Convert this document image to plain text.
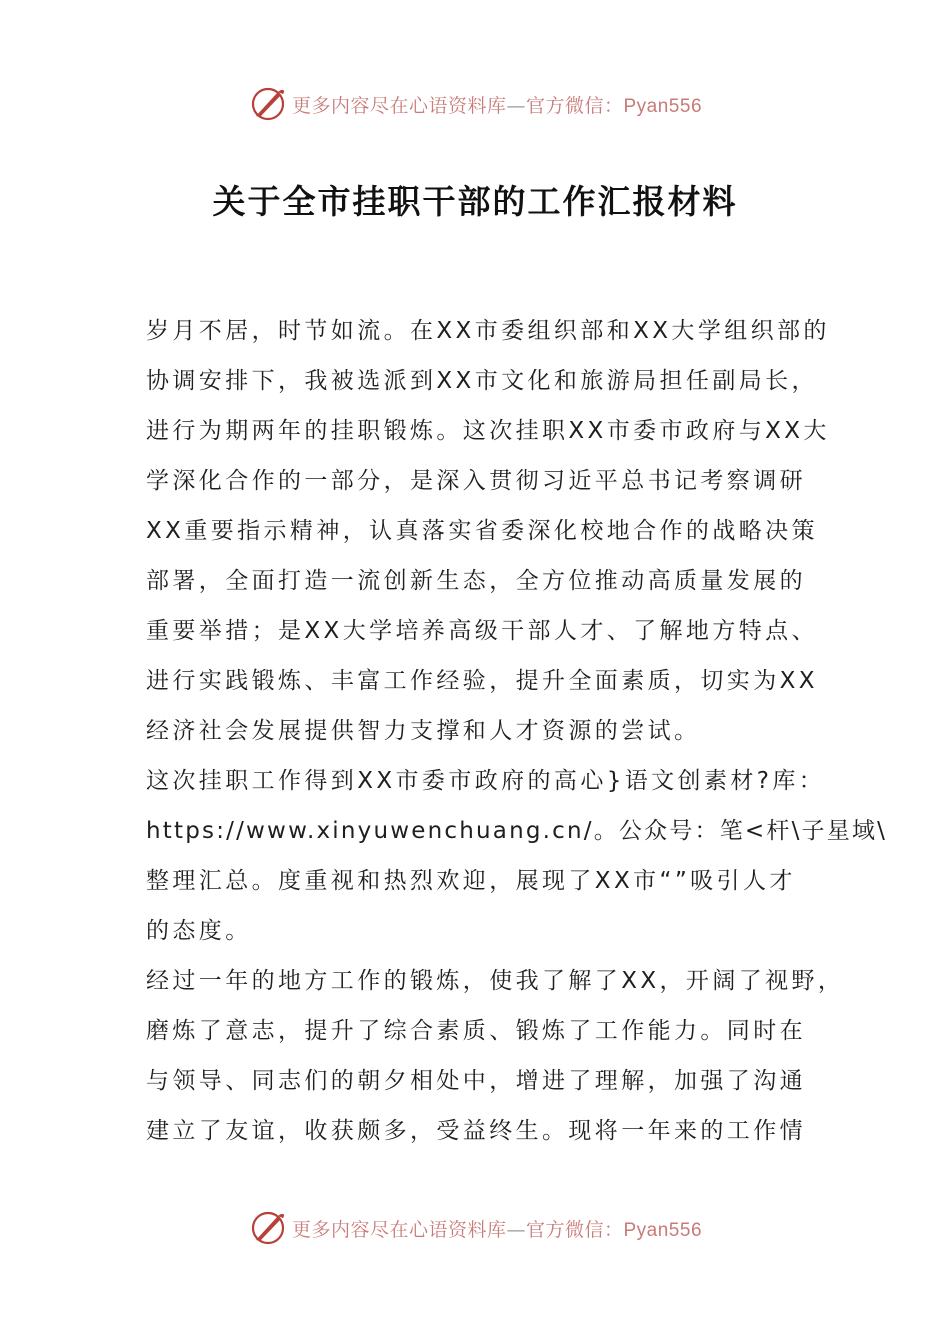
更多内容尽在心语资料库—官方微信：Pyan556
关于全市挂职干部的工作汇报材料
岁月不居，时节如流。在XX市委组织部和XX大学组织部的
协调安排下，我被选派到XX市文化和旅游局担任副局长，
进行为期两年的挂职锻炼。这次挂职XX市委市政府与XX大
学深化合作的一部分，是深入贯彻习近平总书记考察调研
XX重要指示精神，认真落实省委深化校地合作的战略决策
部署，全面打造一流创新生态，全方位推动高质量发展的
重要举措；是XX大学培养高级干部人才、了解地方特点、
进行实践锻炼、丰富工作经验，提升全面素质，切实为XX
经济社会发展提供智力支撑和人才资源的尝试。
这次挂职工作得到XX市委市政府的高心}语文创素材?库：
https://www.xinyuwenchuang.cn/。公众号：笔<杆\子星域\
整理汇总。度重视和热烈欢迎，展现了XX市“”吸引人才
的态度。
经过一年的地方工作的锻炼，使我了解了XX，开阔了视野，
磨炼了意志，提升了综合素质、锻炼了工作能力。同时在
与领导、同志们的朝夕相处中，增进了理解，加强了沟通
建立了友谊，收获颇多，受益终生。现将一年来的工作情
更多内容尽在心语资料库—官方微信：Pyan556
